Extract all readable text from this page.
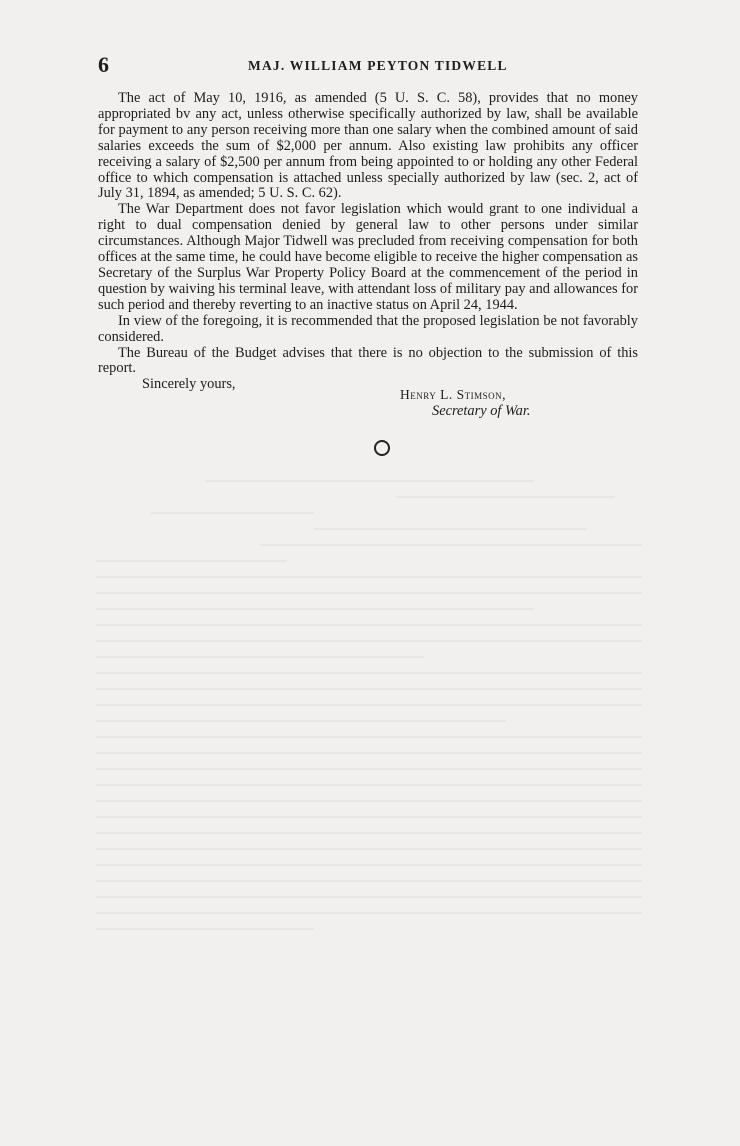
6	MAJ. WILLIAM PEYTON TIDWELL

The act of May 10, 1916, as amended (5 U. S. C. 58), provides that no money appropriated bv any act, unless otherwise specifically authorized by law, shall be available for payment to any person receiving more than one salary when the combined amount of said salaries exceeds the sum of $2,000 per annum. Also existing law prohibits any officer receiving a salary of $2,500 per annum from being appointed to or holding any other Federal office to which compensation is attached unless specially authorized by law (sec. 2, act of July 31, 1894, as amended; 5 U. S. C. 62).

The War Department does not favor legislation which would grant to one individual a right to dual compensation denied by general law to other persons under similar circumstances. Although Major Tidwell was precluded from receiving compensation for both offices at the same time, he could have become eligible to receive the higher compensation as Secretary of the Surplus War Property Policy Board at the commencement of the period in question by waiving his terminal leave, with attendant loss of military pay and allowances for such period and thereby reverting to an inactive status on April 24, 1944.

In view of the foregoing, it is recommended that the proposed legislation be not favorably considered.

The Bureau of the Budget advises that there is no objection to the submission of this report.

Sincerely yours,

Henry L. Stimson,
Secretary of War.
